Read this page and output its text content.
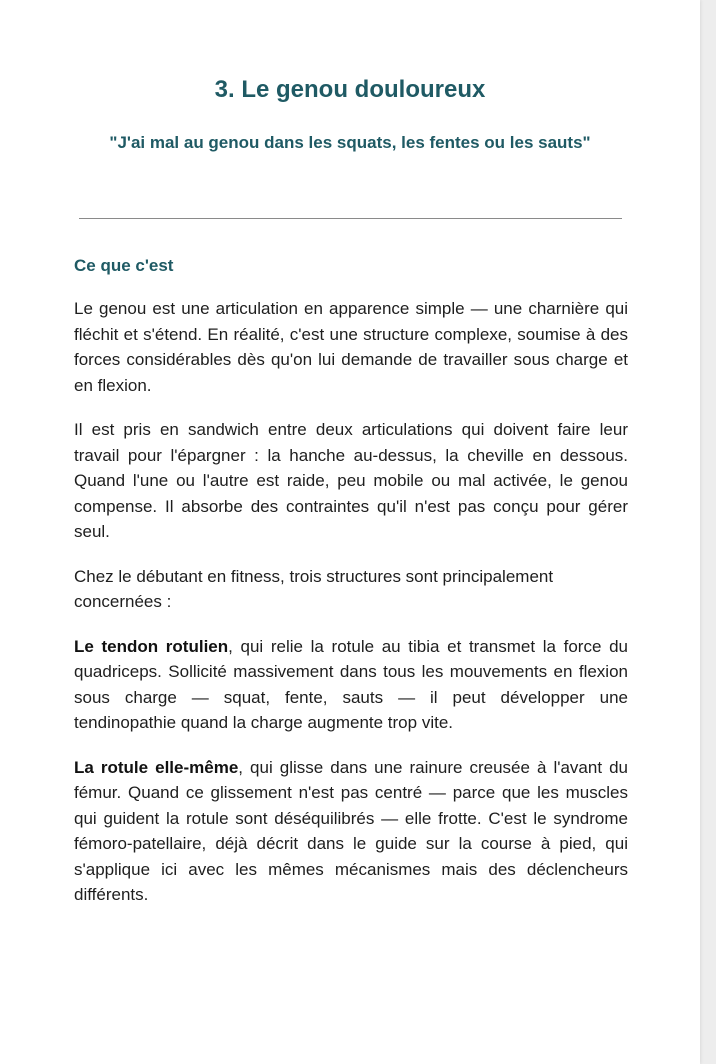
3. Le genou douloureux

"J'ai mal au genou dans les squats, les fentes ou les sauts"

Ce que c'est

Le genou est une articulation en apparence simple — une charnière qui fléchit et s'étend. En réalité, c'est une structure complexe, soumise à des forces considérables dès qu'on lui demande de travailler sous charge et en flexion.

Il est pris en sandwich entre deux articulations qui doivent faire leur travail pour l'épargner : la hanche au-dessus, la cheville en dessous. Quand l'une ou l'autre est raide, peu mobile ou mal activée, le genou compense. Il absorbe des contraintes qu'il n'est pas conçu pour gérer seul.

Chez le débutant en fitness, trois structures sont principalement concernées :

Le tendon rotulien, qui relie la rotule au tibia et transmet la force du quadriceps. Sollicité massivement dans tous les mouvements en flexion sous charge — squat, fente, sauts — il peut développer une tendinopathie quand la charge augmente trop vite.

La rotule elle-même, qui glisse dans une rainure creusée à l'avant du fémur. Quand ce glissement n'est pas centré — parce que les muscles qui guident la rotule sont déséquilibrés — elle frotte. C'est le syndrome fémoro-patellaire, déjà décrit dans le guide sur la course à pied, qui s'applique ici avec les mêmes mécanismes mais des déclencheurs différents.
